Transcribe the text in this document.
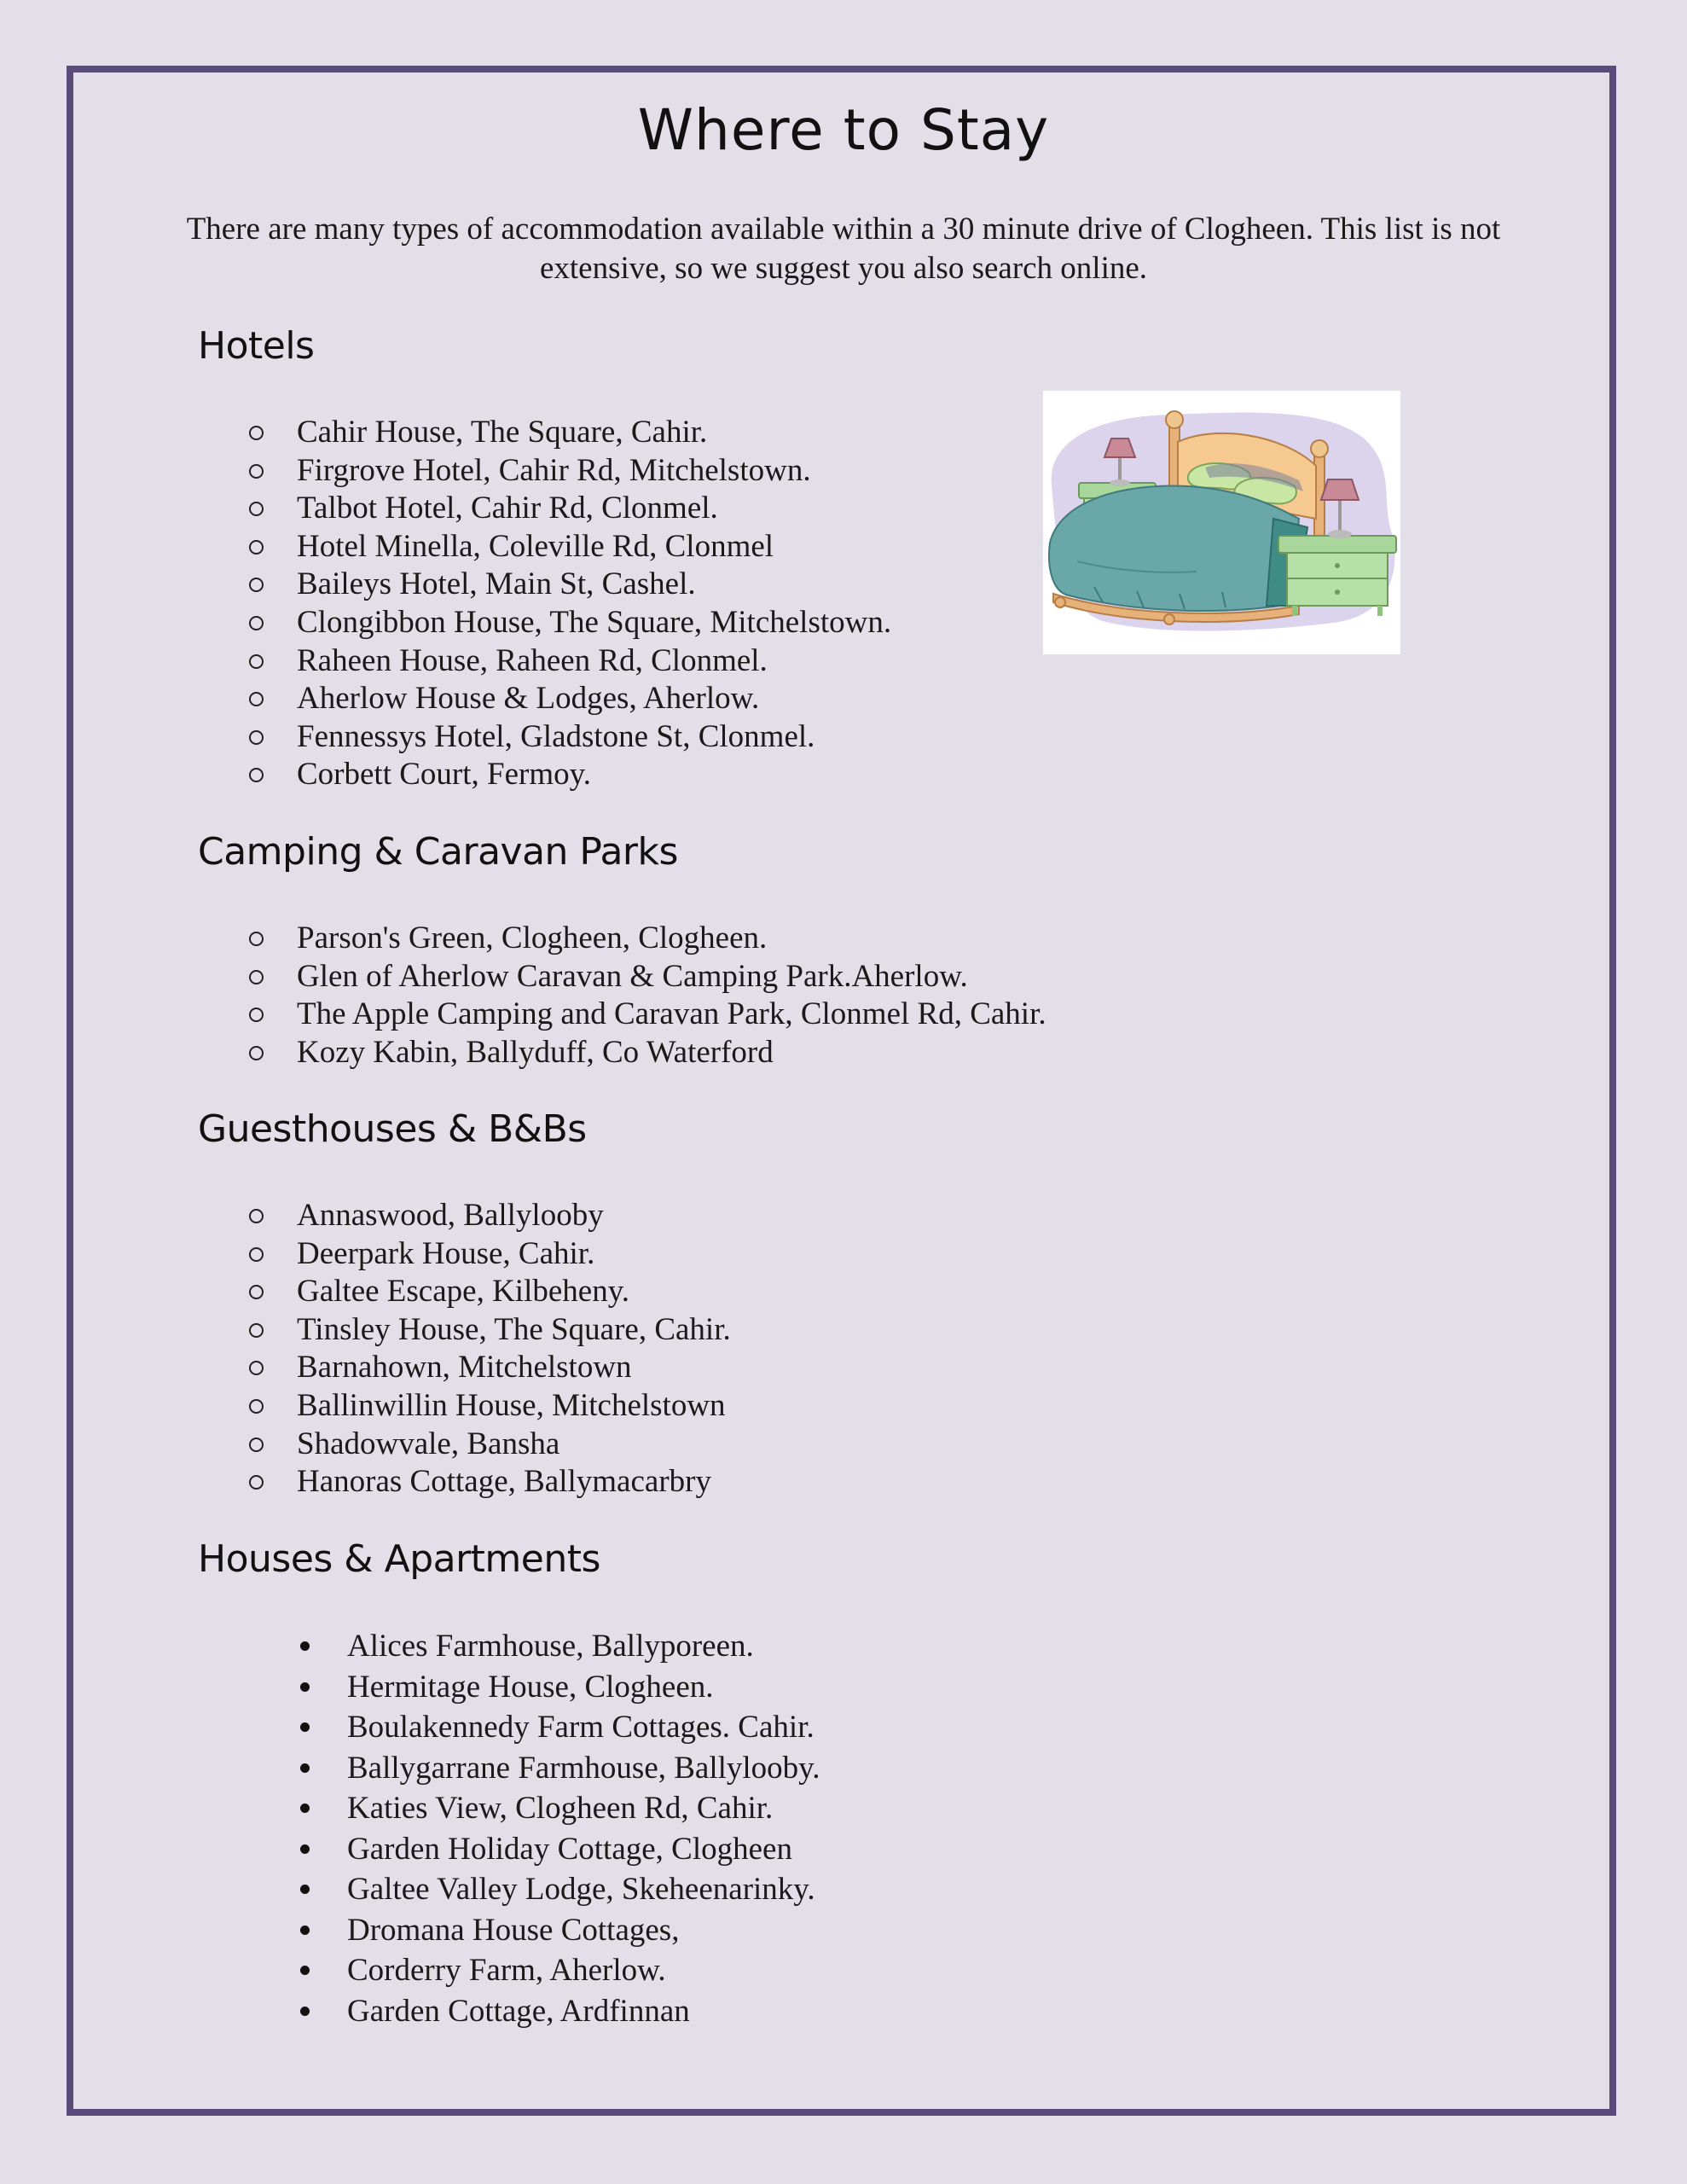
Where to Stay

There are many types of accommodation available within a 30 minute drive of Clogheen. This list is not extensive, so we suggest you also search online.

Hotels
Cahir House, The Square, Cahir.
Firgrove Hotel, Cahir Rd, Mitchelstown.
Talbot Hotel, Cahir Rd, Clonmel.
Hotel Minella, Coleville Rd, Clonmel
Baileys Hotel, Main St, Cashel.
Clongibbon House, The Square, Mitchelstown.
Raheen House, Raheen Rd, Clonmel.
Aherlow House & Lodges, Aherlow.
Fennessys Hotel, Gladstone St, Clonmel.
Corbett Court, Fermoy.
Camping & Caravan Parks
Parson's Green, Clogheen, Clogheen.
Glen of Aherlow Caravan & Camping Park.Aherlow.
The Apple Camping and Caravan Park, Clonmel Rd, Cahir.
Kozy Kabin, Ballyduff, Co Waterford
Guesthouses & B&Bs
Annaswood, Ballylooby
Deerpark House, Cahir.
Galtee Escape, Kilbeheny.
Tinsley House, The Square, Cahir.
Barnahown, Mitchelstown
Ballinwillin House, Mitchelstown
Shadowvale, Bansha
Hanoras Cottage, Ballymacarbry
Houses & Apartments
Alices Farmhouse, Ballyporeen.
Hermitage House, Clogheen.
Boulakennedy Farm Cottages. Cahir.
Ballygarrane Farmhouse, Ballylooby.
Katies View, Clogheen Rd, Cahir.
Garden Holiday Cottage, Clogheen
Galtee Valley Lodge, Skeheenarinky.
Dromana House Cottages,
Corderry Farm, Aherlow.
Garden Cottage, Ardfinnan
